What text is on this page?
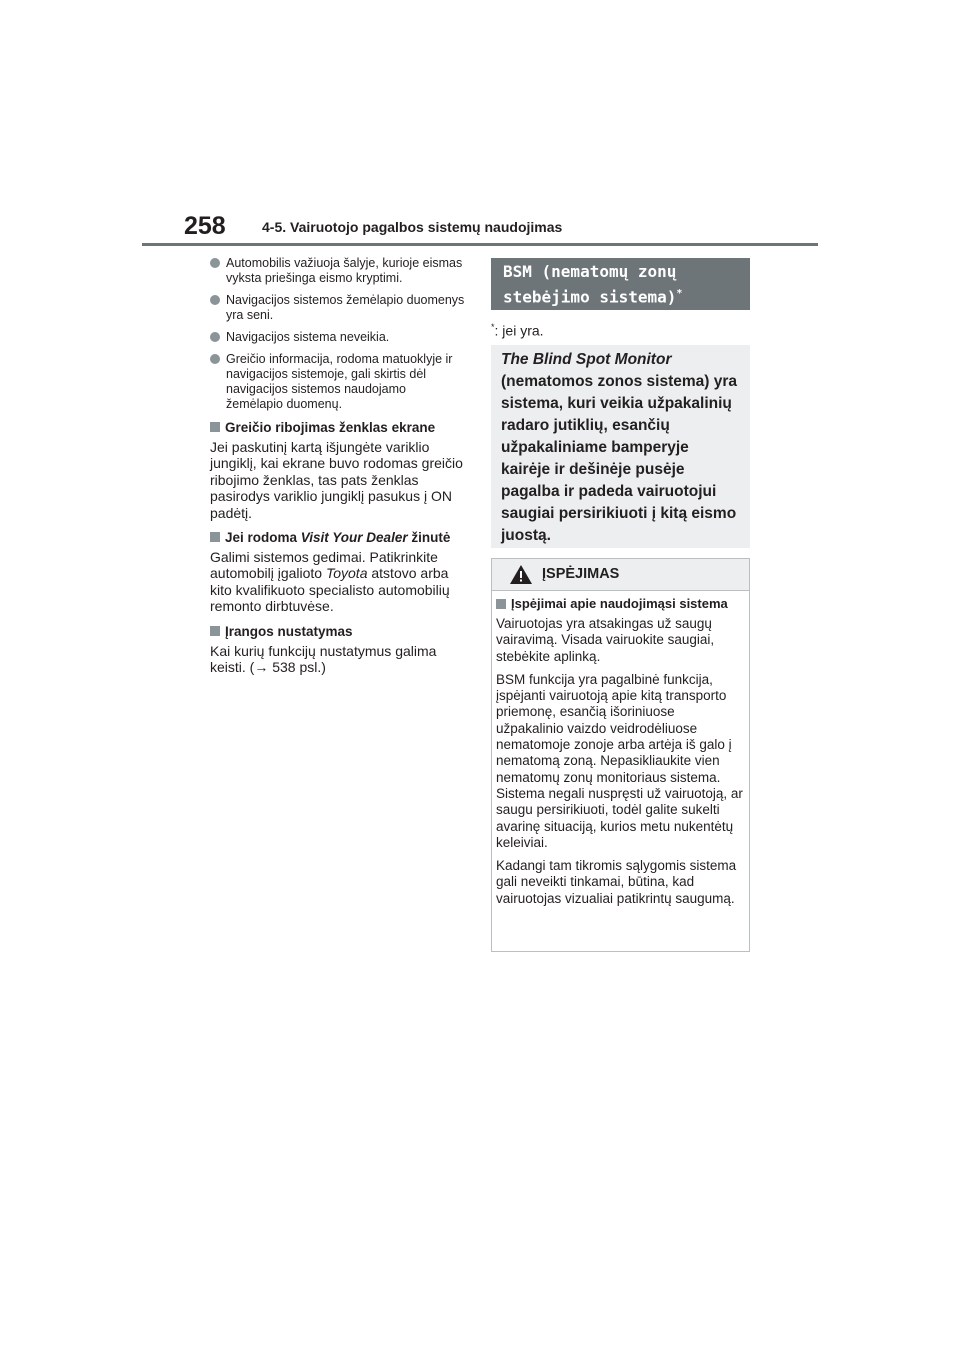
258	4-5. Vairuotojo pagalbos sistemų naudojimas
Automobilis važiuoja šalyje, kurioje eismas vyksta priešinga eismo kryptimi.
Navigacijos sistemos žemėlapio duomenys yra seni.
Navigacijos sistema neveikia.
Greičio informacija, rodoma matuoklyje ir navigacijos sistemoje, gali skirtis dėl navigacijos sistemos naudojamo žemėlapio duomenų.
Greičio ribojimas ženklas ekrane
Jei paskutinį kartą išjungėte variklio jungiklį, kai ekrane buvo rodomas greičio ribojimo ženklas, tas pats ženklas pasirodys variklio jungiklį pasukus į ON padėtį.
Jei rodoma Visit Your Dealer žinutė
Galimi sistemos gedimai. Patikrinkite automobilį įgalioto Toyota atstovo arba kito kvalifikuoto specialisto automobilių remonto dirbtuvėse.
Įrangos nustatymas
Kai kurių funkcijų nustatymus galima keisti. (→ 538 psl.)
BSM (nematomų zonų stebėjimo sistema)*
*: jei yra.
The Blind Spot Monitor (nematomos zonos sistema) yra sistema, kuri veikia užpakalinių radaro jutiklių, esančių užpakaliniame bamperyje kairėje ir dešinėje pusėje pagalba ir padeda vairuotojui saugiai persirikiuoti į kitą eismo juostą.
ĮSPĖJIMAS
Įspėjimai apie naudojimąsi sistema
Vairuotojas yra atsakingas už saugų vairavimą. Visada vairuokite saugiai, stebėkite aplinką.
BSM funkcija yra pagalbinė funkcija, įspėjanti vairuotoją apie kitą transporto priemonę, esančią išoriniuose užpakalinio vaizdo veidrodėliuose nematomoje zonoje arba artėja iš galo į nematomą zoną. Nepasikliaukite vien nematomų zonų monitoriaus sistema. Sistema negali nuspręsti už vairuotoją, ar saugu persirikiuoti, todėl galite sukelti avarinę situaciją, kurios metu nukentėtų keleiviai.
Kadangi tam tikromis sąlygomis sistema gali neveikti tinkamai, būtina, kad vairuotojas vizualiai patikrintų saugumą.
